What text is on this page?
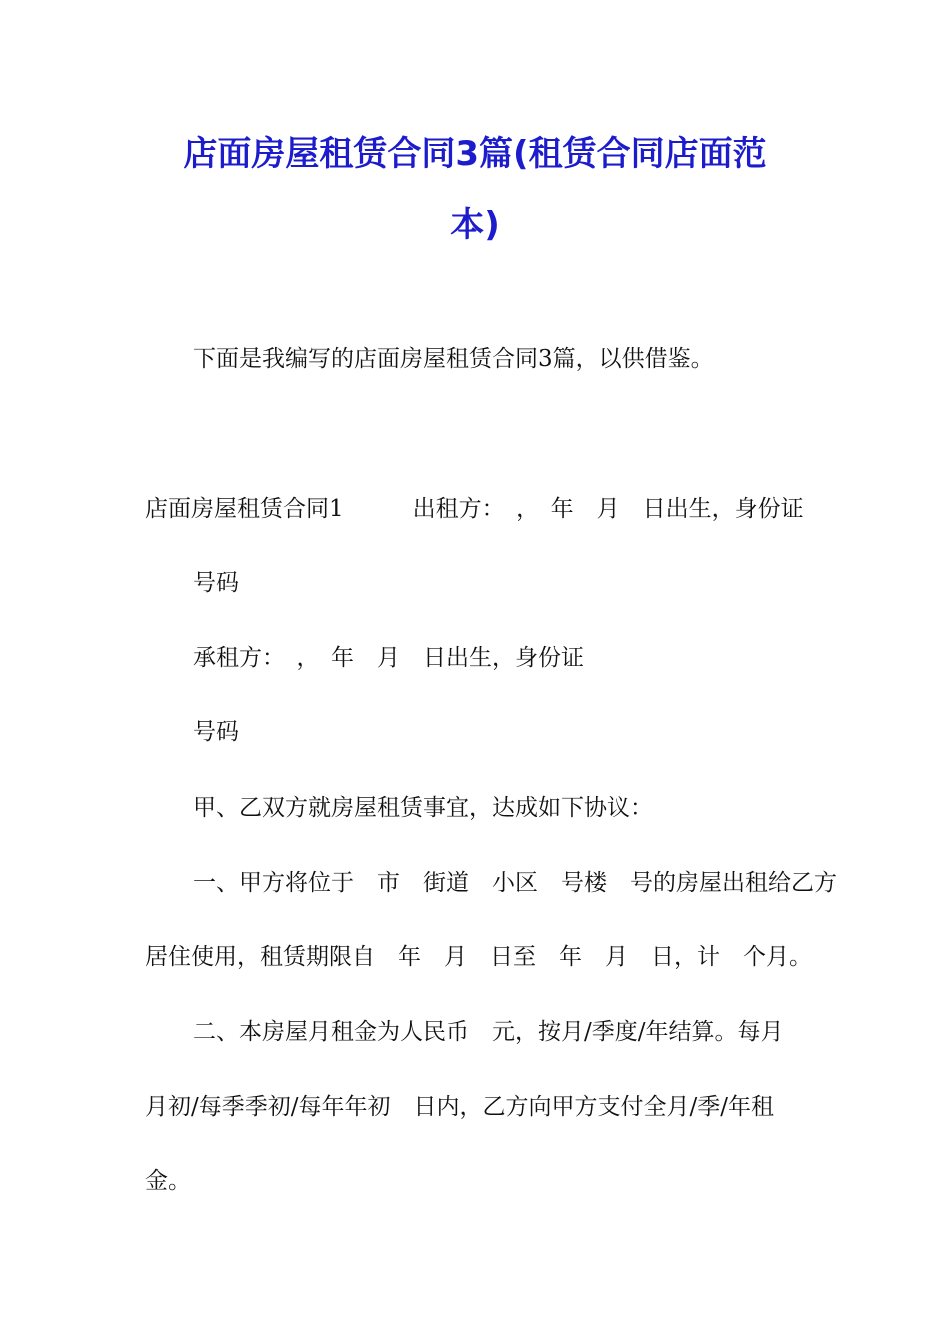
店面房屋租赁合同3篇(租赁合同店面范
本)
下面是我编写的店面房屋租赁合同3篇，以供借鉴。
店面房屋租赁合同1　　　出租方：　，　年　月　日出生，身份证
号码
承租方：　，　年　月　日出生，身份证
号码
甲、乙双方就房屋租赁事宜，达成如下协议：
一、甲方将位于　市　街道　小区　号楼　号的房屋出租给乙方
居住使用，租赁期限自　年　月　日至　年　月　日，计　个月。
二、本房屋月租金为人民币　元，按月/季度/年结算。每月
月初/每季季初/每年年初　日内，乙方向甲方支付全月/季/年租
金。
